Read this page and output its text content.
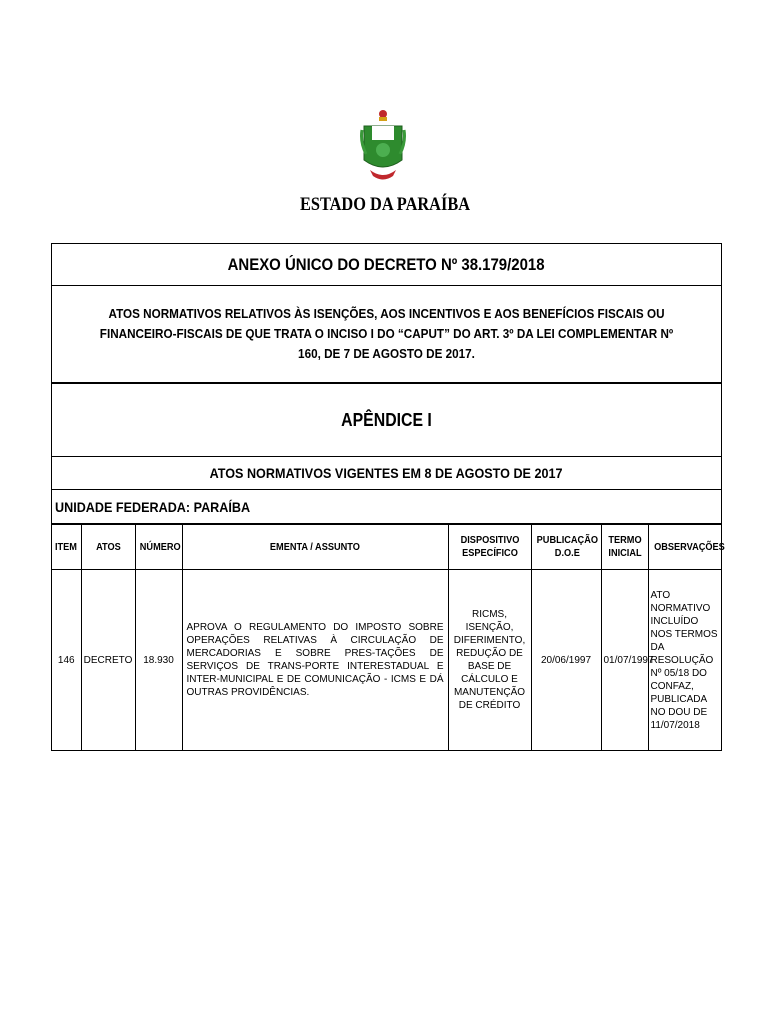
ESTADO DA PARAÍBA
ANEXO ÚNICO DO DECRETO Nº 38.179/2018
ATOS NORMATIVOS RELATIVOS ÀS ISENÇÕES, AOS INCENTIVOS E AOS BENEFÍCIOS FISCAIS OU FINANCEIRO-FISCAIS DE QUE TRATA O INCISO I DO “CAPUT” DO ART. 3º DA LEI COMPLEMENTAR Nº 160, DE 7 DE AGOSTO DE 2017.
APÊNDICE I
ATOS NORMATIVOS VIGENTES EM 8 DE AGOSTO DE 2017
UNIDADE FEDERADA: PARAÍBA
ITEM	ATOS	NÚMERO	EMENTA / ASSUNTO	DISPOSITIVO ESPECÍFICO	PUBLICAÇÃO D.O.E	TERMO INICIAL	OBSERVAÇÕES
146	DECRETO	18.930	APROVA O REGULAMENTO DO IMPOSTO SOBRE OPERAÇÕES RELATIVAS À CIRCULAÇÃO DE MERCADORIAS E SOBRE PRES-TAÇÕES DE SERVIÇOS DE TRANS-PORTE INTERESTADUAL E INTER-MUNICIPAL E DE COMUNICAÇÃO - ICMS E DÁ OUTRAS PROVIDÊNCIAS.	RICMS, ISENÇÃO, DIFERIMENTO, REDUÇÃO DE BASE DE CÁLCULO E MANUTENÇÃO DE CRÉDITO	20/06/1997	01/07/1997	ATO NORMATIVO INCLUÍDO NOS TERMOS DA RESOLUÇÃO Nº 05/18 DO CONFAZ, PUBLICADA NO DOU DE 11/07/2018
